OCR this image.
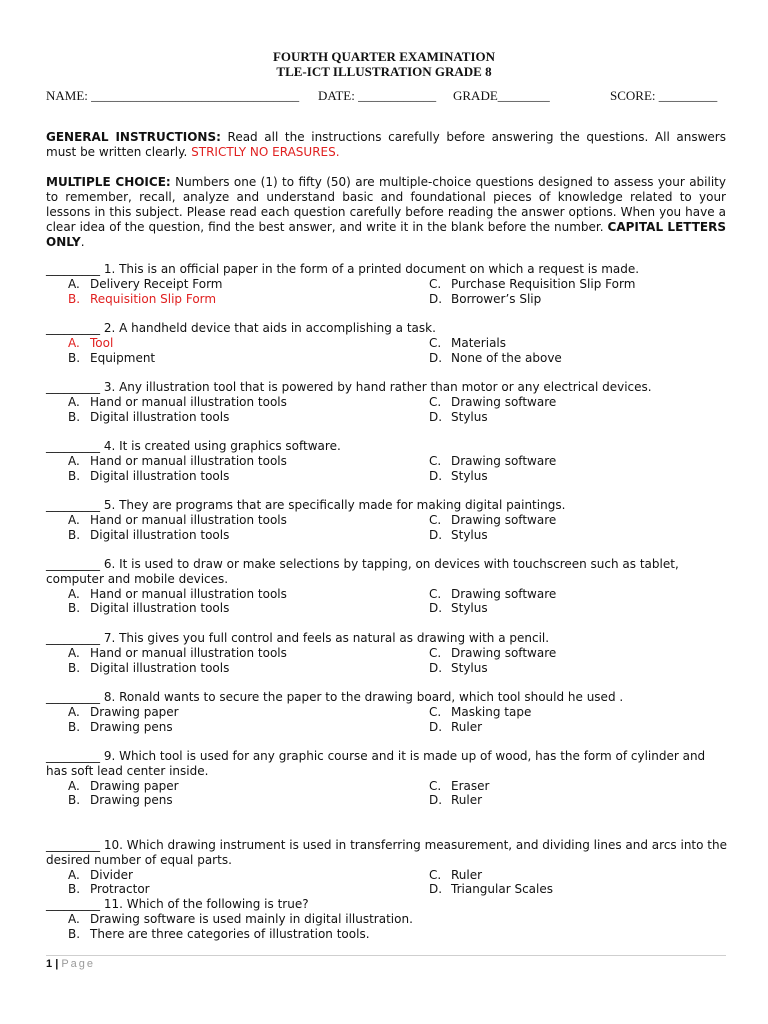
FOURTH QUARTER EXAMINATION
TLE-ICT ILLUSTRATION GRADE 8

NAME: ________________________________

DATE: ____________

GRADE________

	SCORE: _________

GENERAL INSTRUCTIONS: Read all the instructions carefully before answering the questions. All answers must be written clearly. STRICTLY NO ERASURES.
MULTIPLE CHOICE: Numbers one (1) to fifty (50) are multiple-choice questions designed to assess your ability to remember, recall, analyze and understand basic and foundational pieces of knowledge related to your lessons in this subject. Please read each question carefully before reading the answer options. When you have a clear idea of the question, find the best answer, and write it in the blank before the number. CAPITAL LETTERS ONLY.
_________ 1. This is an official paper in the form of a printed document on which a request is made.
A. Delivery Receipt Form	C. Purchase Requisition Slip Form
B. Requisition Slip Form	D. Borrower’s Slip
_________ 2. A handheld device that aids in accomplishing a task.
A. Tool	C. Materials
B. Equipment	D. None of the above
_________ 3. Any illustration tool that is powered by hand rather than motor or any electrical devices.
A. Hand or manual illustration tools	C. Drawing software
B. Digital illustration tools	D. Stylus
_________ 4. It is created using graphics software.
A. Hand or manual illustration tools	C. Drawing software
B. Digital illustration tools	D. Stylus
_________ 5. They are programs that are specifically made for making digital paintings.
A. Hand or manual illustration tools	C. Drawing software
B. Digital illustration tools	D. Stylus
_________ 6. It is used to draw or make selections by tapping, on devices with touchscreen such as tablet, computer and mobile devices.
A. Hand or manual illustration tools	C. Drawing software
B. Digital illustration tools	D. Stylus
_________ 7. This gives you full control and feels as natural as drawing with a pencil.
A. Hand or manual illustration tools	C. Drawing software
B. Digital illustration tools	D. Stylus
_________ 8. Ronald wants to secure the paper to the drawing board, which tool should he used .
A. Drawing paper	C. Masking tape
B. Drawing pens	D. Ruler
_________ 9. Which tool is used for any graphic course and it is made up of wood, has the form of cylinder and has soft lead center inside.
A. Drawing paper	C. Eraser
B. Drawing pens	D. Ruler
_________ 10. Which drawing instrument is used in transferring measurement, and dividing lines and arcs into the desired number of equal parts.
A. Divider	C. Ruler
B. Protractor	D. Triangular Scales
_________ 11. Which of the following is true?
A. Drawing software is used mainly in digital illustration.
B. There are three categories of illustration tools.
1 | Page
